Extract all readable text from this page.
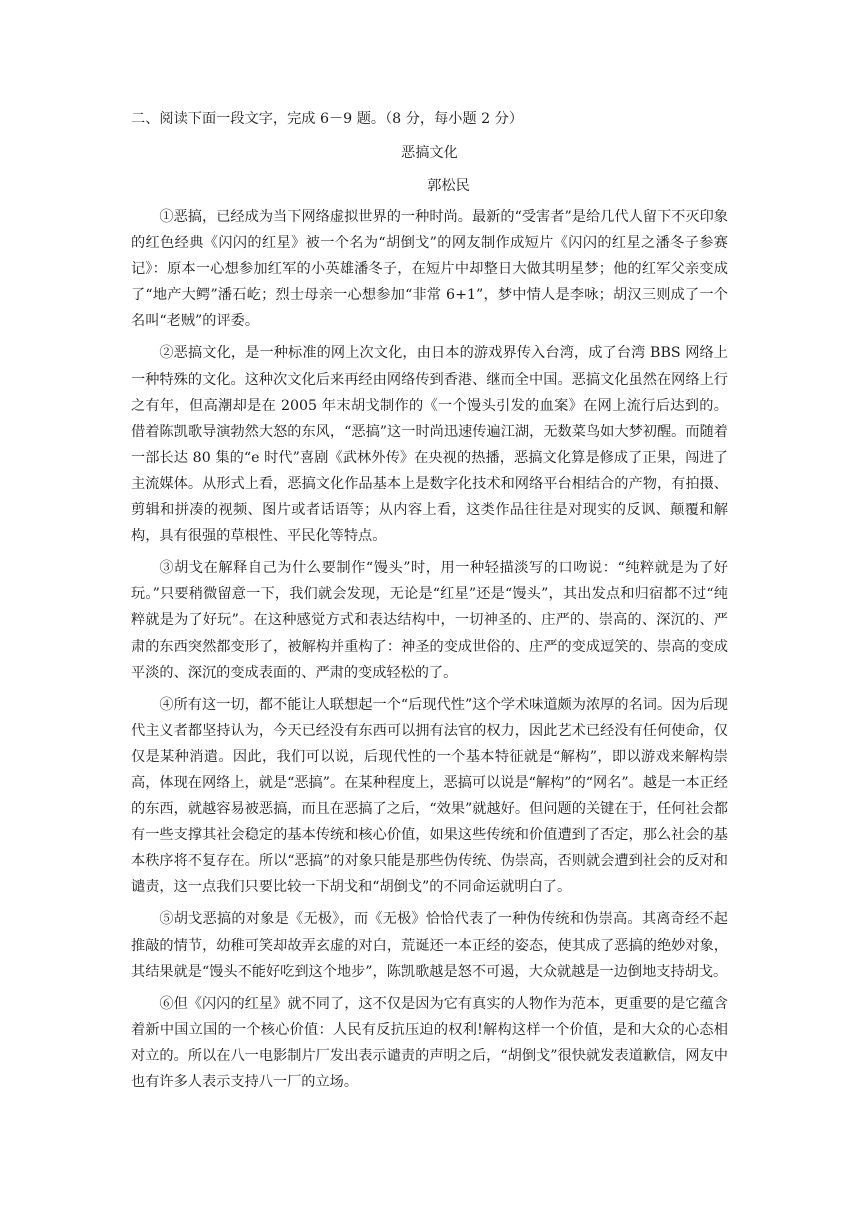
二、阅读下面一段文字，完成 6－9 题。（8 分，每小题 2 分）
恶搞文化
郭松民

①恶搞，已经成为当下网络虚拟世界的一种时尚。最新的“受害者”是给几代人留下不灭印象的红色经典《闪闪的红星》被一个名为“胡倒戈”的网友制作成短片《闪闪的红星之潘冬子参赛记》：原本一心想参加红军的小英雄潘冬子，在短片中却整日大做其明星梦；他的红军父亲变成了“地产大鳄”潘石屹；烈士母亲一心想参加“非常 6+1”，梦中情人是李咏；胡汉三则成了一个名叫“老贼”的评委。

②恶搞文化，是一种标准的网上次文化，由日本的游戏界传入台湾，成了台湾 BBS 网络上一种特殊的文化。这种次文化后来再经由网络传到香港、继而全中国。恶搞文化虽然在网络上行之有年，但高潮却是在 2005 年末胡戈制作的《一个馒头引发的血案》在网上流行后达到的。借着陈凯歌导演勃然大怒的东风，“恶搞”这一时尚迅速传遍江湖，无数菜鸟如大梦初醒。而随着一部长达 80 集的“e 时代”喜剧《武林外传》在央视的热播，恶搞文化算是修成了正果，闯进了主流媒体。从形式上看，恶搞文化作品基本上是数字化技术和网络平台相结合的产物，有拍摄、剪辑和拼凑的视频、图片或者话语等；从内容上看，这类作品往往是对现实的反讽、颠覆和解构，具有很强的草根性、平民化等特点。

③胡戈在解释自己为什么要制作“馒头”时，用一种轻描淡写的口吻说：“纯粹就是为了好玩。”只要稍微留意一下，我们就会发现，无论是“红星”还是“馒头”，其出发点和归宿都不过“纯粹就是为了好玩”。在这种感觉方式和表达结构中，一切神圣的、庄严的、崇高的、深沉的、严肃的东西突然都变形了，被解构并重构了：神圣的变成世俗的、庄严的变成逗笑的、崇高的变成平淡的、深沉的变成表面的、严肃的变成轻松的了。

④所有这一切，都不能让人联想起一个“后现代性”这个学术味道颇为浓厚的名词。因为后现代主义者都坚持认为，今天已经没有东西可以拥有法官的权力，因此艺术已经没有任何使命，仅仅是某种消遣。因此，我们可以说，后现代性的一个基本特征就是“解构”，即以游戏来解构崇高，体现在网络上，就是“恶搞”。在某种程度上，恶搞可以说是“解构”的“网名”。越是一本正经的东西，就越容易被恶搞，而且在恶搞了之后，“效果”就越好。但问题的关键在于，任何社会都有一些支撑其社会稳定的基本传统和核心价值，如果这些传统和价值遭到了否定，那么社会的基本秩序将不复存在。所以“恶搞”的对象只能是那些伪传统、伪崇高，否则就会遭到社会的反对和谴责，这一点我们只要比较一下胡戈和“胡倒戈”的不同命运就明白了。

⑤胡戈恶搞的对象是《无极》，而《无极》恰恰代表了一种伪传统和伪崇高。其离奇经不起推敲的情节，幼稚可笑却故弄玄虚的对白，荒诞还一本正经的姿态，使其成了恶搞的绝妙对象，其结果就是“馒头不能好吃到这个地步”，陈凯歌越是怒不可遏，大众就越是一边倒地支持胡戈。

⑥但《闪闪的红星》就不同了，这不仅是因为它有真实的人物作为范本，更重要的是它蕴含着新中国立国的一个核心价值：人民有反抗压迫的权利!解构这样一个价值，是和大众的心态相对立的。所以在八一电影制片厂发出表示谴责的声明之后，“胡倒戈”很快就发表道歉信，网友中也有许多人表示支持八一厂的立场。
